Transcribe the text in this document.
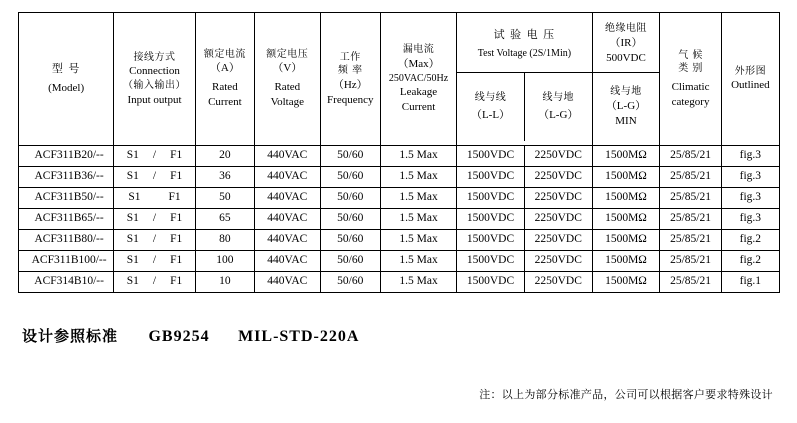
型 号
(Model)

接线方式
Connection
（输入输出）
Input output

额定电流
（A）
Rated
Current

额定电压
（V）
Rated
Voltage

工作
频 率
（Hz）
Frequency

漏电流
（Max）
250VAC/50Hz
Leakage
Current

试 验 电 压
Test Voltage (2S/1Min)
线与线
（L-L）
线与地
（L-G）

绝缘电阻
（IR）
500VDC
线与地
（L-G）
MIN

气 候
类 别
Climatic
category

外形图
Outlined

ACF311B20/--	S1 / F1	20	440VAC	50/60	1.5 Max	1500VDC	2250VDC	1500MΩ	25/85/21	fig.3
ACF311B36/--	S1 / F1	36	440VAC	50/60	1.5 Max	1500VDC	2250VDC	1500MΩ	25/85/21	fig.3
ACF311B50/--	S1 F1	50	440VAC	50/60	1.5 Max	1500VDC	2250VDC	1500MΩ	25/85/21	fig.3
ACF311B65/--	S1 / F1	65	440VAC	50/60	1.5 Max	1500VDC	2250VDC	1500MΩ	25/85/21	fig.3
ACF311B80/--	S1 / F1	80	440VAC	50/60	1.5 Max	1500VDC	2250VDC	1500MΩ	25/85/21	fig.2
ACF311B100/--	S1 / F1	100	440VAC	50/60	1.5 Max	1500VDC	2250VDC	1500MΩ	25/85/21	fig.2
ACF314B10/--	S1 / F1	10	440VAC	50/60	1.5 Max	1500VDC	2250VDC	1500MΩ	25/85/21	fig.1
设计参照标准 GB9254 MIL-STD-220A
注：以上为部分标准产品，公司可以根据客户要求特殊设计
